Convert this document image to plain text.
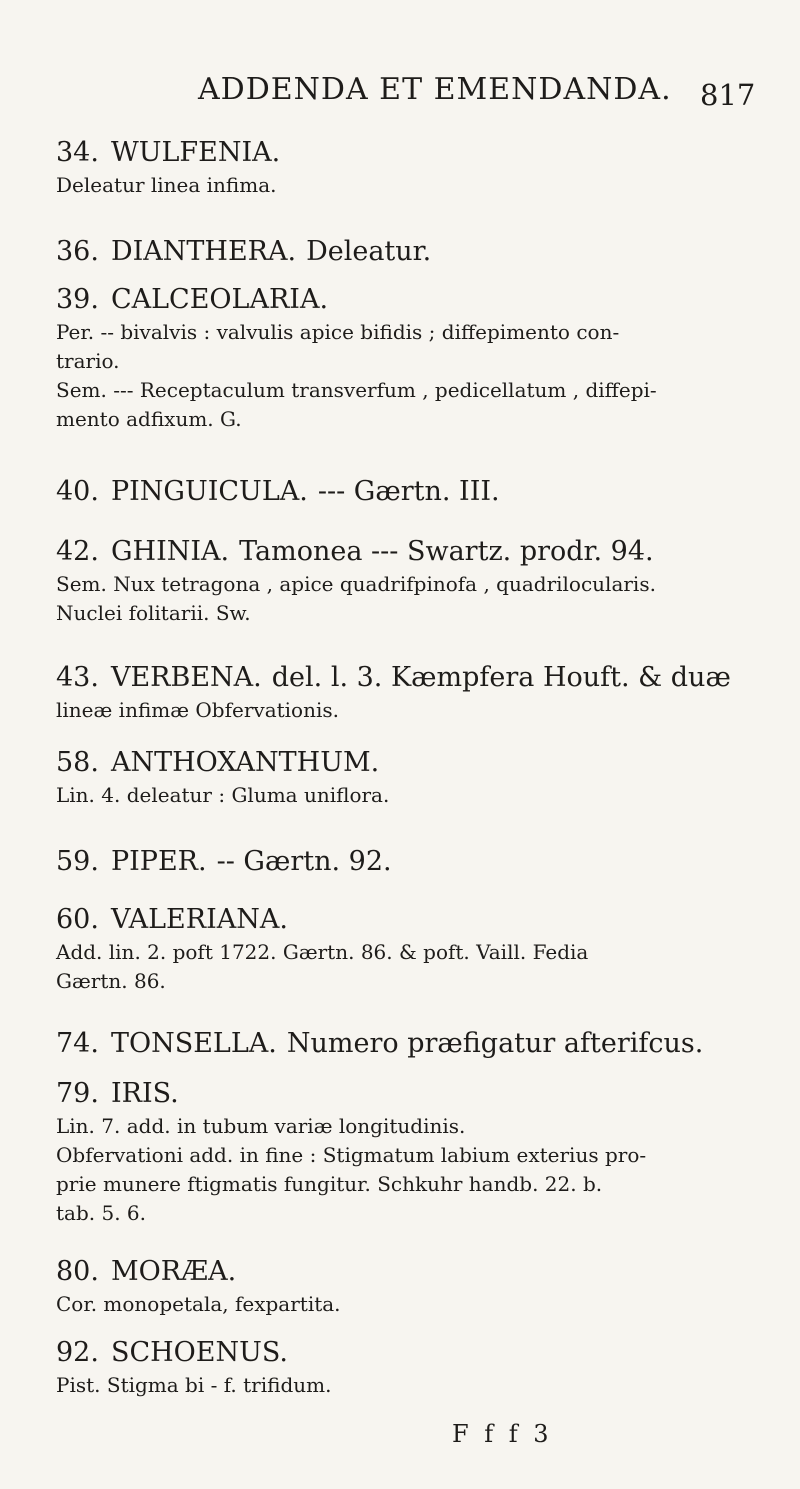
ADDENDA ET EMENDANDA. 817
34. WULFENIA.
Deleatur linea infima.
36. DIANTHERA. Deleatur.
39. CALCEOLARIA.
Per. -- bivalvis : valvulis apice bifidis ; diffepimento con-
trario.
Sem. --- Receptaculum transverfum , pedicellatum , diffepi-
mento adfixum. G.
40. PINGUICULA. --- Gærtn. III.
42. GHINIA. Tamonea --- Swartz. prodr. 94.
Sem. Nux tetragona , apice quadrifpinofa , quadrilocularis.
Nuclei folitarii. Sw.
43. VERBENA. del. l. 3. Kæmpfera Houft. & duæ
lineæ infimæ Obfervationis.
58. ANTHOXANTHUM.
Lin. 4. deleatur : Gluma uniflora.
59. PIPER. -- Gærtn. 92.
60. VALERIANA.
Add. lin. 2. poft 1722. Gærtn. 86. & poft. Vaill. Fedia
Gærtn. 86.
74. TONSELLA. Numero præfigatur afterifcus.
79. IRIS.
Lin. 7. add. in tubum variæ longitudinis.
Obfervationi add. in fine : Stigmatum labium exterius pro-
prie munere ftigmatis fungitur. Schkuhr handb. 22. b.
tab. 5. 6.
80. MORÆA.
Cor. monopetala, fexpartita.
92. SCHOENUS.
Pist. Stigma bi - f. trifidum.
F f f 3
